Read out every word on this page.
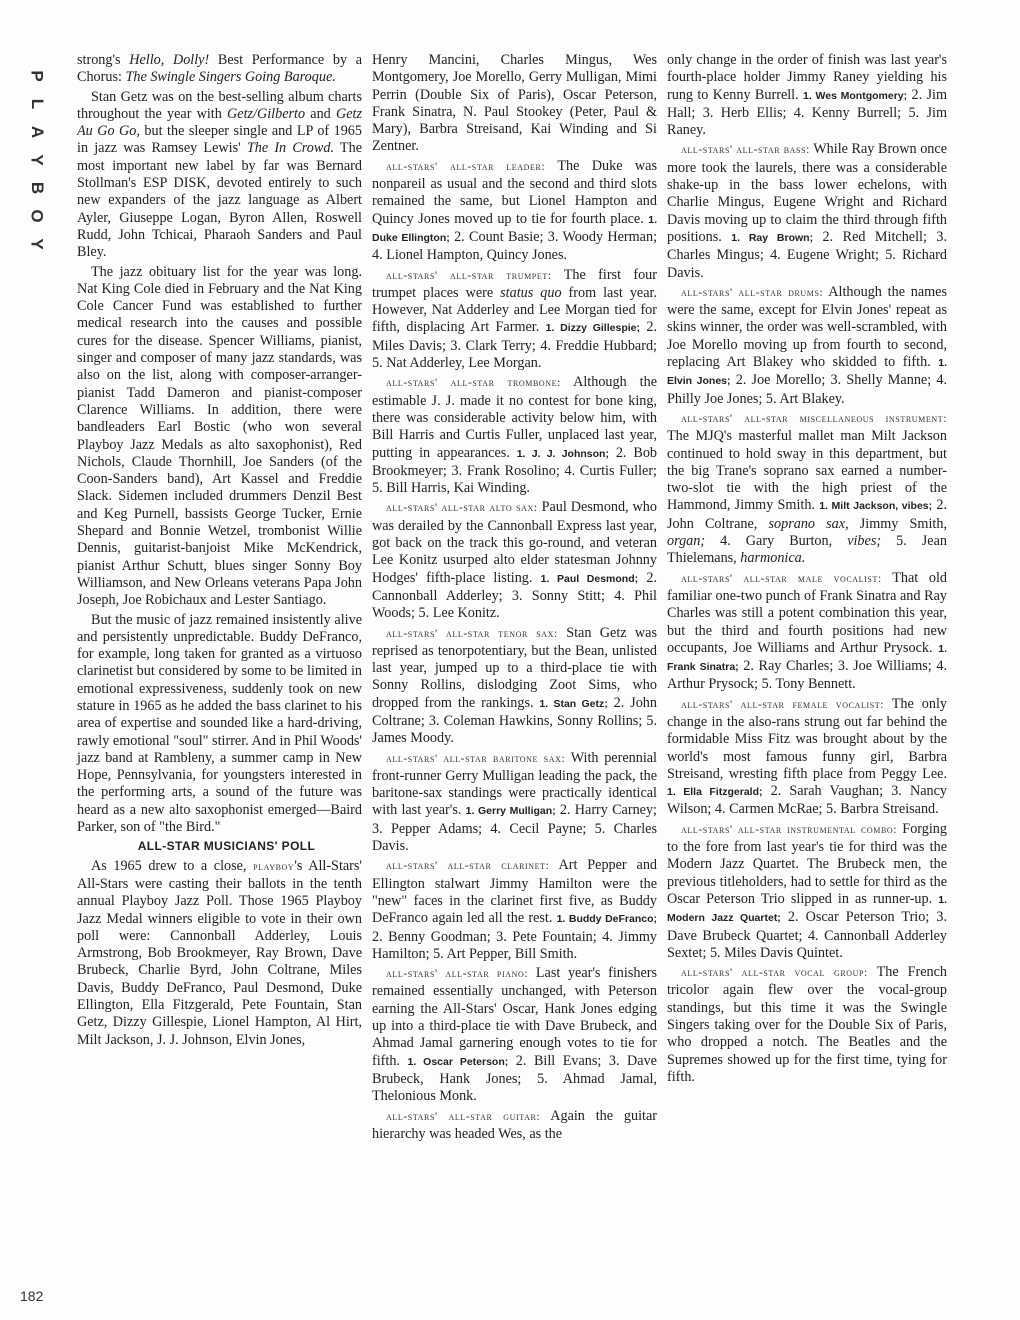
P
L
A
Y
B
O
Y
182

strong's Hello, Dolly! Best Performance by a Chorus: The Swingle Singers Going Baroque.

Stan Getz was on the best-selling album charts throughout the year with Getz/Gilberto and Getz Au Go Go, but the sleeper single and LP of 1965 in jazz was Ramsey Lewis' The In Crowd. The most important new label by far was Bernard Stollman's ESP DISK, devoted entirely to such new expanders of the jazz language as Albert Ayler, Giuseppe Logan, Byron Allen, Roswell Rudd, John Tchicai, Pharaoh Sanders and Paul Bley.

The jazz obituary list for the year was long. Nat King Cole died in February and the Nat King Cole Cancer Fund was established to further medical research into the causes and possible cures for the disease. Spencer Williams, pianist, singer and composer of many jazz standards, was also on the list, along with composer-arranger-pianist Tadd Dameron and pianist-composer Clarence Williams. In addition, there were bandleaders Earl Bostic (who won several Playboy Jazz Medals as alto saxophonist), Red Nichols, Claude Thornhill, Joe Sanders (of the Coon-Sanders band), Art Kassel and Freddie Slack. Sidemen included drummers Denzil Best and Keg Purnell, bassists George Tucker, Ernie Shepard and Bonnie Wetzel, trombonist Willie Dennis, guitarist-banjoist Mike McKendrick, pianist Arthur Schutt, blues singer Sonny Boy Williamson, and New Orleans veterans Papa John Joseph, Joe Robichaux and Lester Santiago.

But the music of jazz remained insistently alive and persistently unpredictable. Buddy DeFranco, for example, long taken for granted as a virtuoso clarinetist but considered by some to be limited in emotional expressiveness, suddenly took on new stature in 1965 as he added the bass clarinet to his area of expertise and sounded like a hard-driving, rawly emotional "soul" stirrer. And in Phil Woods' jazz band at Rambleny, a summer camp in New Hope, Pennsylvania, for youngsters interested in the performing arts, a sound of the future was heard as a new alto saxophonist emerged—Baird Parker, son of "the Bird."

ALL-STAR MUSICIANS' POLL

As 1965 drew to a close, playboy's All-Stars' All-Stars were casting their ballots in the tenth annual Playboy Jazz Poll. Those 1965 Playboy Jazz Medal winners eligible to vote in their own poll were: Cannonball Adderley, Louis Armstrong, Bob Brookmeyer, Ray Brown, Dave Brubeck, Charlie Byrd, John Coltrane, Miles Davis, Buddy DeFranco, Paul Desmond, Duke Ellington, Ella Fitzgerald, Pete Fountain, Stan Getz, Dizzy Gillespie, Lionel Hampton, Al Hirt, Milt Jackson, J. J. Johnson, Elvin Jones,

Henry Mancini, Charles Mingus, Wes Montgomery, Joe Morello, Gerry Mulligan, Mimi Perrin (Double Six of Paris), Oscar Peterson, Frank Sinatra, N. Paul Stookey (Peter, Paul & Mary), Barbra Streisand, Kai Winding and Si Zentner.

all-stars' all-star leader: The Duke was nonpareil as usual and the second and third slots remained the same, but Lionel Hampton and Quincy Jones moved up to tie for fourth place. 1. Duke Ellington; 2. Count Basie; 3. Woody Herman; 4. Lionel Hampton, Quincy Jones.

all-stars' all-star trumpet: The first four trumpet places were status quo from last year. However, Nat Adderley and Lee Morgan tied for fifth, displacing Art Farmer. 1. Dizzy Gillespie; 2. Miles Davis; 3. Clark Terry; 4. Freddie Hubbard; 5. Nat Adderley, Lee Morgan.

all-stars' all-star trombone: Although the estimable J. J. made it no contest for bone king, there was considerable activity below him, with Bill Harris and Curtis Fuller, unplaced last year, putting in appearances. 1. J. J. Johnson; 2. Bob Brookmeyer; 3. Frank Rosolino; 4. Curtis Fuller; 5. Bill Harris, Kai Winding.

all-stars' all-star alto sax: Paul Desmond, who was derailed by the Cannonball Express last year, got back on the track this go-round, and veteran Lee Konitz usurped alto elder statesman Johnny Hodges' fifth-place listing. 1. Paul Desmond; 2. Cannonball Adderley; 3. Sonny Stitt; 4. Phil Woods; 5. Lee Konitz.

all-stars' all-star tenor sax: Stan Getz was reprised as tenorpotentiary, but the Bean, unlisted last year, jumped up to a third-place tie with Sonny Rollins, dislodging Zoot Sims, who dropped from the rankings. 1. Stan Getz; 2. John Coltrane; 3. Coleman Hawkins, Sonny Rollins; 5. James Moody.

all-stars' all-star baritone sax: With perennial front-runner Gerry Mulligan leading the pack, the baritone-sax standings were practically identical with last year's. 1. Gerry Mulligan; 2. Harry Carney; 3. Pepper Adams; 4. Cecil Payne; 5. Charles Davis.

all-stars' all-star clarinet: Art Pepper and Ellington stalwart Jimmy Hamilton were the "new" faces in the clarinet first five, as Buddy DeFranco again led all the rest. 1. Buddy DeFranco; 2. Benny Goodman; 3. Pete Fountain; 4. Jimmy Hamilton; 5. Art Pepper, Bill Smith.

all-stars' all-star piano: Last year's finishers remained essentially unchanged, with Peterson earning the All-Stars' Oscar, Hank Jones edging up into a third-place tie with Dave Brubeck, and Ahmad Jamal garnering enough votes to tie for fifth. 1. Oscar Peterson; 2. Bill Evans; 3. Dave Brubeck, Hank Jones; 5. Ahmad Jamal, Thelonious Monk.

all-stars' all-star guitar: Again the guitar hierarchy was headed Wes, as the

only change in the order of finish was last year's fourth-place holder Jimmy Raney yielding his rung to Kenny Burrell. 1. Wes Montgomery; 2. Jim Hall; 3. Herb Ellis; 4. Kenny Burrell; 5. Jim Raney.

all-stars' all-star bass: While Ray Brown once more took the laurels, there was a considerable shake-up in the bass lower echelons, with Charlie Mingus, Eugene Wright and Richard Davis moving up to claim the third through fifth positions. 1. Ray Brown; 2. Red Mitchell; 3. Charles Mingus; 4. Eugene Wright; 5. Richard Davis.

all-stars' all-star drums: Although the names were the same, except for Elvin Jones' repeat as skins winner, the order was well-scrambled, with Joe Morello moving up from fourth to second, replacing Art Blakey who skidded to fifth. 1. Elvin Jones; 2. Joe Morello; 3. Shelly Manne; 4. Philly Joe Jones; 5. Art Blakey.

all-stars' all-star miscellaneous instrument: The MJQ's masterful mallet man Milt Jackson continued to hold sway in this department, but the big Trane's soprano sax earned a number-two-slot tie with the high priest of the Hammond, Jimmy Smith. 1. Milt Jackson, vibes; 2. John Coltrane, soprano sax, Jimmy Smith, organ; 4. Gary Burton, vibes; 5. Jean Thielemans, harmonica.

all-stars' all-star male vocalist: That old familiar one-two punch of Frank Sinatra and Ray Charles was still a potent combination this year, but the third and fourth positions had new occupants, Joe Williams and Arthur Prysock. 1. Frank Sinatra; 2. Ray Charles; 3. Joe Williams; 4. Arthur Prysock; 5. Tony Bennett.

all-stars' all-star female vocalist: The only change in the also-rans strung out far behind the formidable Miss Fitz was brought about by the world's most famous funny girl, Barbra Streisand, wresting fifth place from Peggy Lee. 1. Ella Fitzgerald; 2. Sarah Vaughan; 3. Nancy Wilson; 4. Carmen McRae; 5. Barbra Streisand.

all-stars' all-star instrumental combo: Forging to the fore from last year's tie for third was the Modern Jazz Quartet. The Brubeck men, the previous titleholders, had to settle for third as the Oscar Peterson Trio slipped in as runner-up. 1. Modern Jazz Quartet; 2. Oscar Peterson Trio; 3. Dave Brubeck Quartet; 4. Cannonball Adderley Sextet; 5. Miles Davis Quintet.

all-stars' all-star vocal group: The French tricolor again flew over the vocal-group standings, but this time it was the Swingle Singers taking over for the Double Six of Paris, who dropped a notch. The Beatles and the Supremes showed up for the first time, tying for fifth.
